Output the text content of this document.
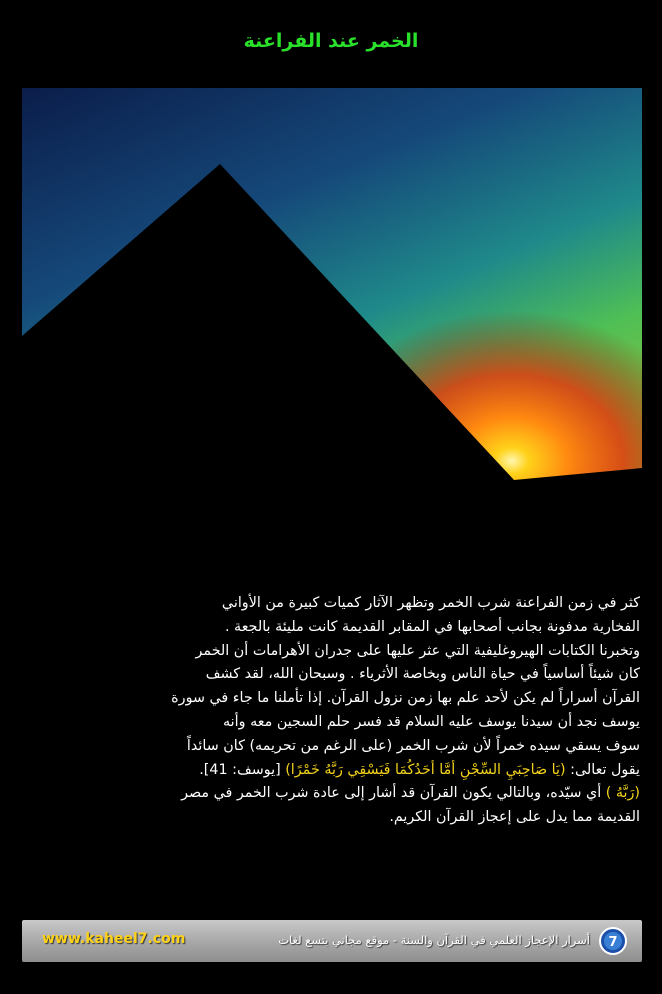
الخمر عند الفراعنة
كثر في زمن الفراعنة شرب الخمر وتظهر الآثار كميات كبيرة من الأواني
الفخارية مدفونة بجانب أصحابها في المقابر القديمة كانت مليئة بالجعة .
وتخبرنا الكتابات الهيروغليفية التي عثر عليها على جدران الأهرامات أن الخمر
كان شيئاً أساسياً في حياة الناس وبخاصة الأثرياء . وسبحان الله، لقد كشف
القرآن أسراراً لم يكن لأحد علم بها زمن نزول القرآن. إذا تأملنا ما جاء في سورة
يوسف نجد أن سيدنا يوسف عليه السلام قد فسر حلم السجين معه وأنه
سوف يسقي سيده خمراً لأن شرب الخمر (على الرغم من تحريمه) كان سائداً
يقول تعالى: (يَا صَاحِبَيِ السِّجْنِ أَمَّا أَحَدُكُمَا فَيَسْقِي رَبَّهُ خَمْرًا) [يوسف: 41].
(رَبَّهُ ) أي سيّده، وبالتالي يكون القرآن قد أشار إلى عادة شرب الخمر في مصر
القديمة مما يدل على إعجاز القرآن الكريم.
www.kaheel7.com	أسرار الإعجاز العلمي في القرآن والسنة - موقع مجاني بتسع لغات 7
